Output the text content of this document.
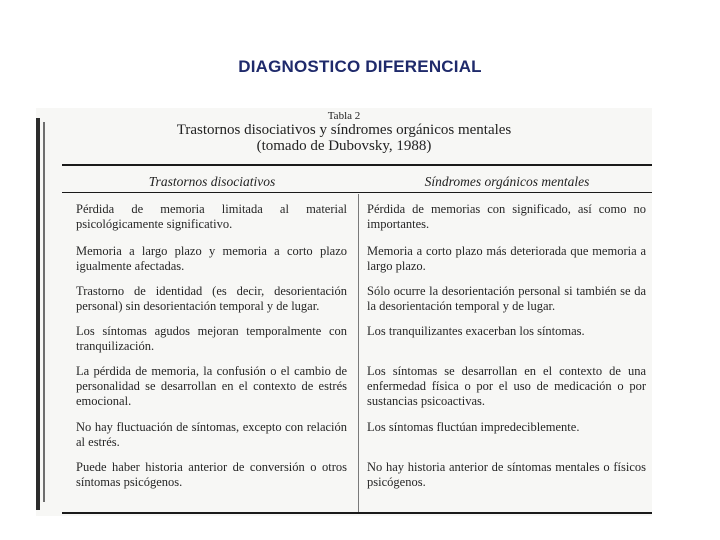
DIAGNOSTICO DIFERENCIAL
Tabla 2
Trastornos disociativos y síndromes orgánicos mentales
(tomado de Dubovsky, 1988)
Trastornos disociativos	Síndromes orgánicos mentales
Pérdida de memoria limitada al material psicológicamente significativo.
Pérdida de memorias con significado, así como no importantes.
Memoria a largo plazo y memoria a corto plazo igualmente afectadas.
Memoria a corto plazo más deteriorada que memoria a largo plazo.
Trastorno de identidad (es decir, desorientación personal) sin desorientación temporal y de lugar.
Sólo ocurre la desorientación personal si también se da la desorientación temporal y de lugar.
Los síntomas agudos mejoran temporalmente con tranquilización.
Los tranquilizantes exacerban los síntomas.
La pérdida de memoria, la confusión o el cambio de personalidad se desarrollan en el contexto de estrés emocional.
Los síntomas se desarrollan en el contexto de una enfermedad física o por el uso de medicación o por sustancias psicoactivas.
No hay fluctuación de síntomas, excepto con relación al estrés.
Los síntomas fluctúan impredeciblemente.
Puede haber historia anterior de conversión o otros síntomas psicógenos.
No hay historia anterior de síntomas mentales o físicos psicógenos.
